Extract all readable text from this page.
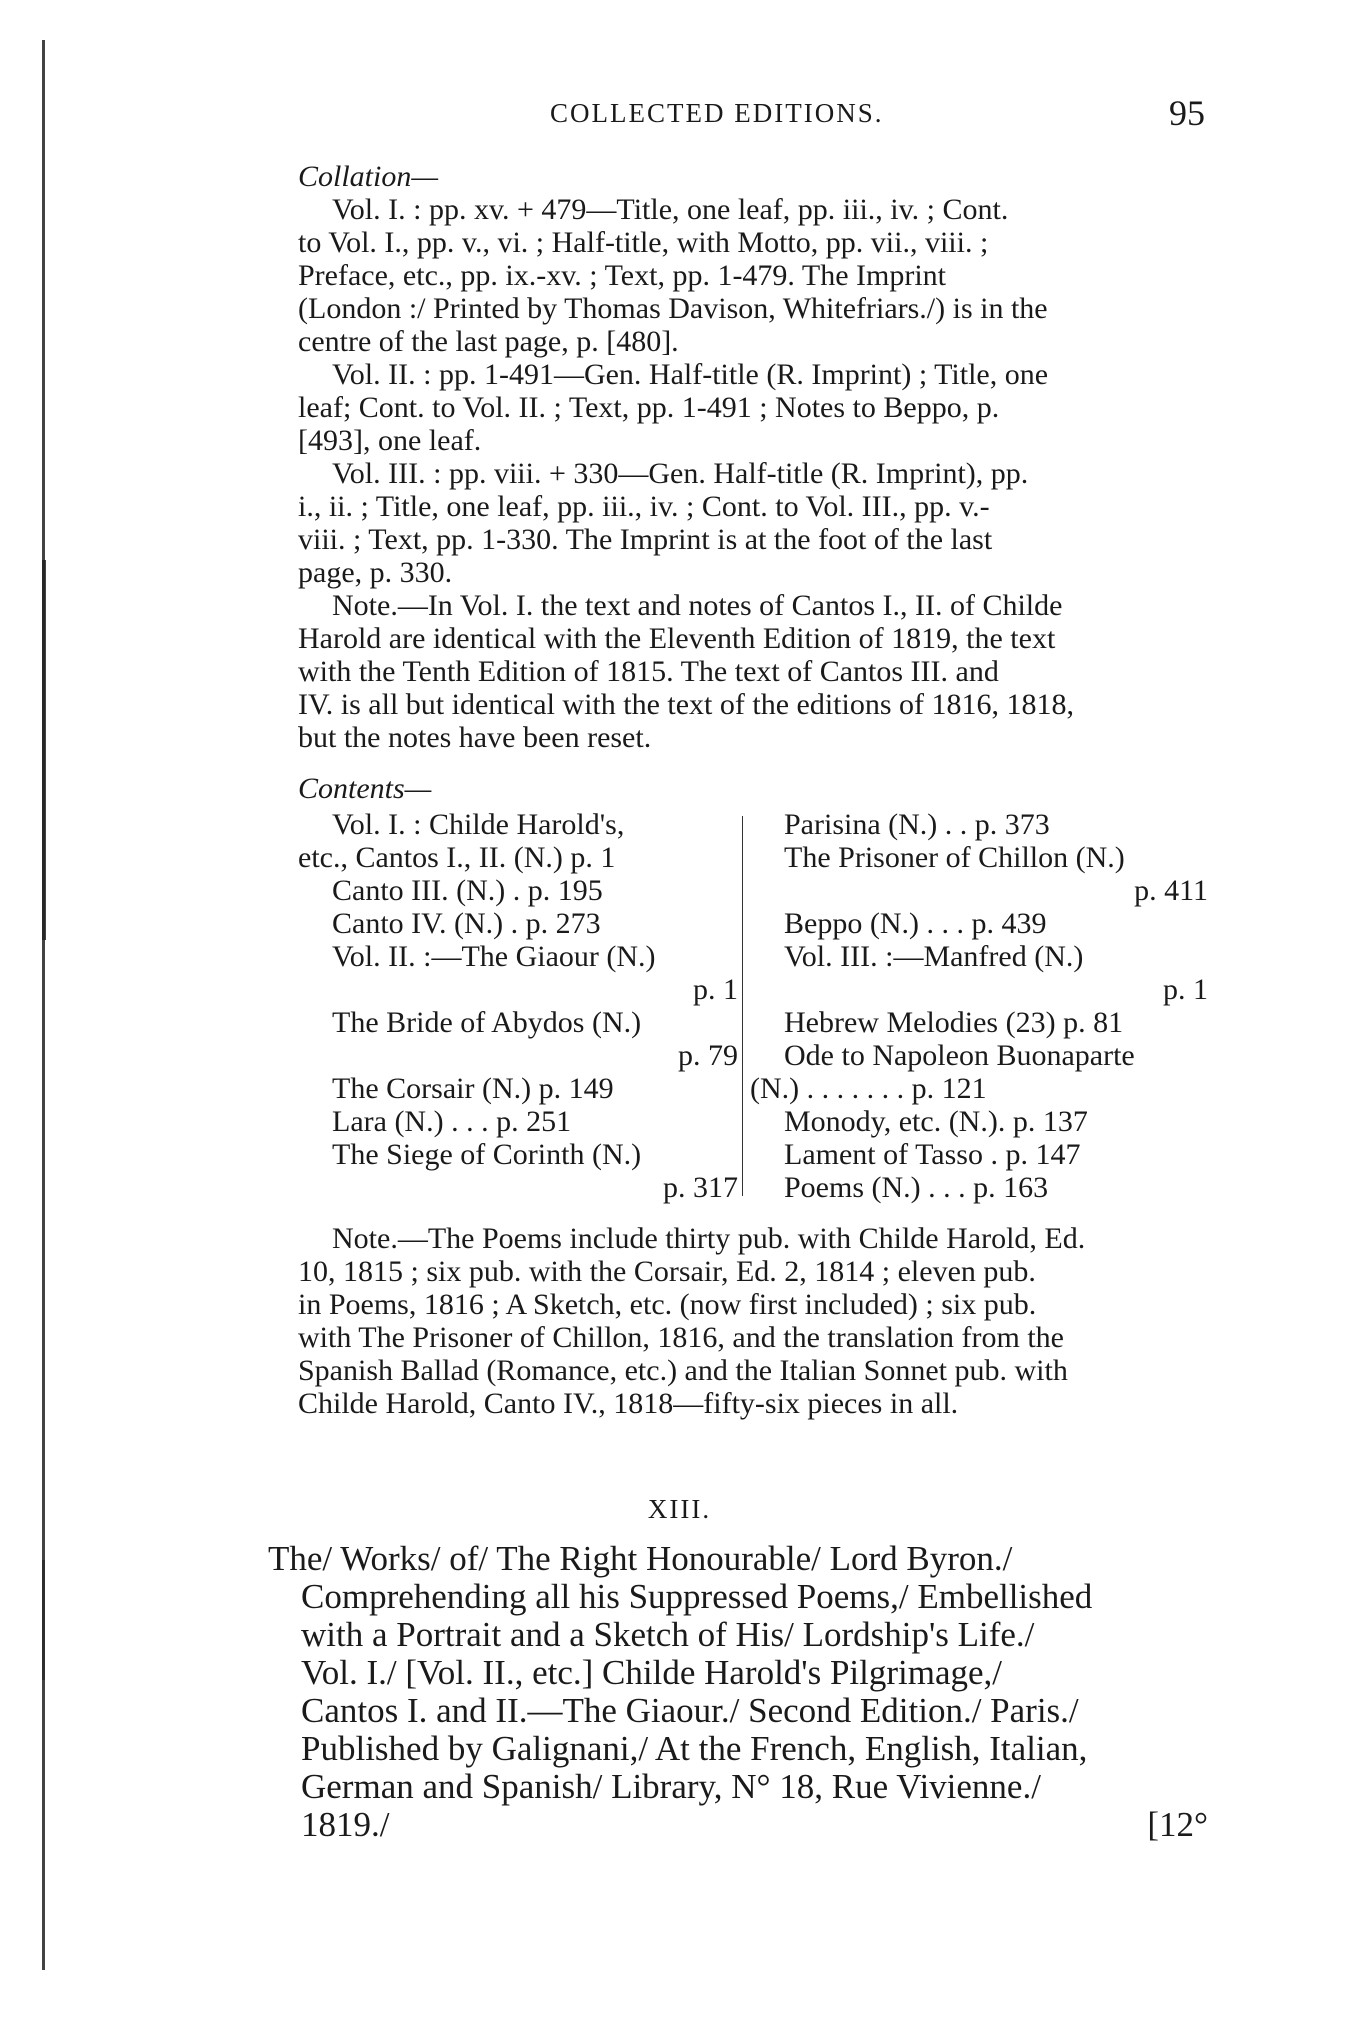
COLLECTED EDITIONS.	95

Collation—

Vol. I. : pp. xv. + 479—Title, one leaf, pp. iii., iv. ; Cont.

to Vol. I., pp. v., vi. ; Half-title, with Motto, pp. vii., viii. ;

Preface, etc., pp. ix.-xv. ; Text, pp. 1-479. The Imprint

(London :/ Printed by Thomas Davison, Whitefriars./) is in the

centre of the last page, p. [480].

Vol. II. : pp. 1-491—Gen. Half-title (R. Imprint) ; Title, one

leaf; Cont. to Vol. II. ; Text, pp. 1-491 ; Notes to Beppo, p.

[493], one leaf.

Vol. III. : pp. viii. + 330—Gen. Half-title (R. Imprint), pp.

i., ii. ; Title, one leaf, pp. iii., iv. ; Cont. to Vol. III., pp. v.-

viii. ; Text, pp. 1-330. The Imprint is at the foot of the last

page, p. 330.

Note.—In Vol. I. the text and notes of Cantos I., II. of Childe

Harold are identical with the Eleventh Edition of 1819, the text

with the Tenth Edition of 1815. The text of Cantos III. and

IV. is all but identical with the text of the editions of 1816, 1818,

but the notes have been reset.

Contents—

Vol. I. : Childe Harold's,
etc., Cantos I., II. (N.) p. 1
Canto III. (N.) . p. 195
Canto IV. (N.) . p. 273
Vol. II. :—The Giaour (N.)
p. 1
The Bride of Abydos (N.)
p. 79
The Corsair (N.) p. 149
Lara (N.) . . . p. 251
The Siege of Corinth (N.)
p. 317
Parisina (N.) . . p. 373
The Prisoner of Chillon (N.)
p. 411
Beppo (N.) . . . p. 439
Vol. III. :—Manfred (N.)
p. 1
Hebrew Melodies (23) p. 81
Ode to Napoleon Buonaparte
(N.) . . . . . . . p. 121
Monody, etc. (N.). p. 137
Lament of Tasso . p. 147
Poems (N.) . . . p. 163

Note.—The Poems include thirty pub. with Childe Harold, Ed.

10, 1815 ; six pub. with the Corsair, Ed. 2, 1814 ; eleven pub.

in Poems, 1816 ; A Sketch, etc. (now first included) ; six pub.

with The Prisoner of Chillon, 1816, and the translation from the

Spanish Ballad (Romance, etc.) and the Italian Sonnet pub. with

Childe Harold, Canto IV., 1818—fifty-six pieces in all.

XIII.
The/ Works/ of/ The Right Honourable/ Lord Byron./
Comprehending all his Suppressed Poems,/ Embellished
with a Portrait and a Sketch of His/ Lordship's Life./
Vol. I./ [Vol. II., etc.] Childe Harold's Pilgrimage,/
Cantos I. and II.—The Giaour./ Second Edition./ Paris./
Published by Galignani,/ At the French, English, Italian,
German and Spanish/ Library, N° 18, Rue Vivienne./
1819./	[12°
